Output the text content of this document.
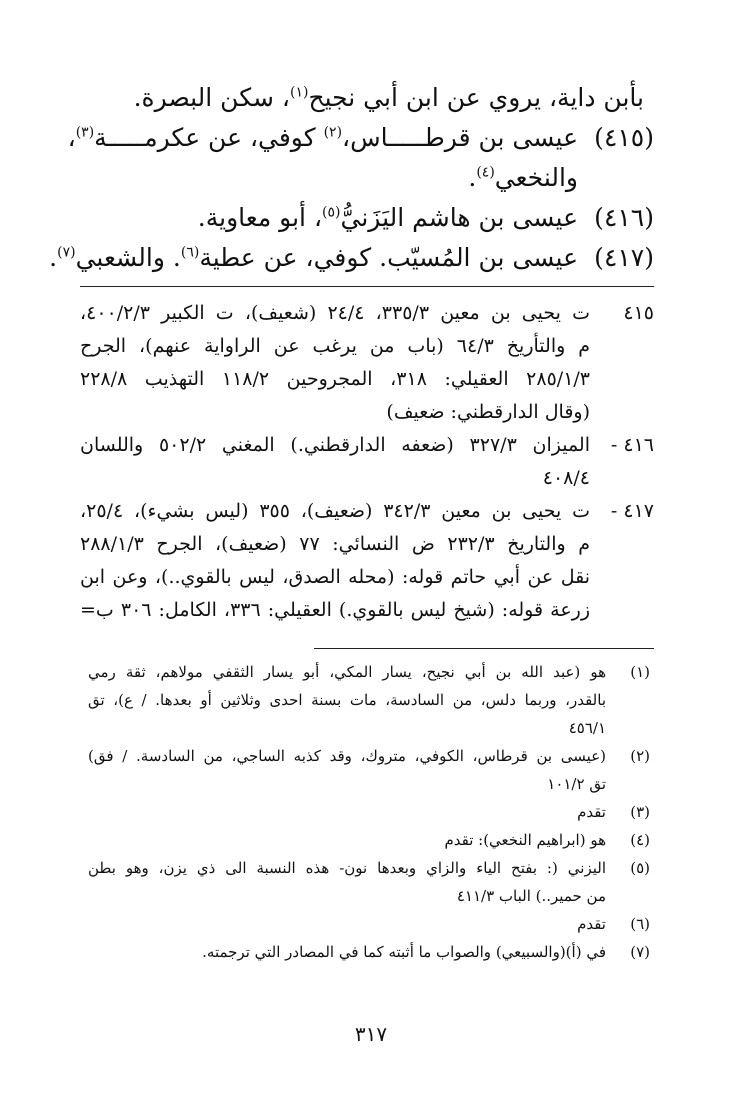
بأبن داية، يروي عن ابن أبي نجيح$^{(١)}$، سكن البصرة.
(٤١٥)عيسى بن قرطـــــاس،$^{(٢)}$ كوفي، عن عكرمـــــة$^{(٣)}$،
والنخعي$^{(٤)}$.
(٤١٦)عيسى بن هاشم اليَزَنيُّ$^{(٥)}$، أبو معاوية.
(٤١٧)عيسى بن المُسيّب. كوفي، عن عطية$^{(٦)}$. والشعبي$^{(٧)}$.
٤١٥
ت يحيى بن معين ٣٣٥/٣، ٢٤/٤ (شعيف)، ت الكبير ٤٠٠/٢/٣،
م والتأريخ ٦٤/٣ (باب من يرغب عن الراواية عنهم)، الجرح
٢٨٥/١/٣ العقيلي: ٣١٨، المجروحين ١١٨/٢ التهذيب ٢٢٨/٨
(وقال الدارقطني: ضعيف)
٤١٦ -
الميزان ٣٢٧/٣ (ضعفه الدارقطني.) المغني ٥٠٢/٢ واللسان
٤٠٨/٤
٤١٧ -
ت يحيى بن معين ٣٤٢/٣ (ضعيف)، ٣٥٥ (ليس بشيء)، ٢٥/٤،
م والتاريخ ٢٣٢/٣ ض النسائي: ٧٧ (ضعيف)، الجرح ٢٨٨/١/٣
نقل عن أبي حاتم قوله: (محله الصدق، ليس بالقوي..)، وعن ابن
زرعة قوله: (شيخ ليس بالقوي.) العقيلي: ٣٣٦، الكامل: ٣٠٦ ب=
(١)
هو (عبد الله بن أبي نجيح، يسار المكي، أبو يسار الثقفي مولاهم، ثقة رمي
بالقدر، وربما دلس، من السادسة، مات بسنة احدى وثلاثين أو بعدها. / ع)، تق
٤٥٦/١
(٢)
(عيسى بن قرطاس، الكوفي، متروك، وقد كذبه الساجي، من السادسة. / فق)
تق ١٠١/٢
(٣)
تقدم
(٤)
هو (ابراهيم النخعي): تقدم
(٥)
اليزني (: بفتح الياء والزاي وبعدها نون- هذه النسبة الى ذي يزن، وهو بطن
من حمير..) الباب ٤١١/٣
(٦)
تقدم
(٧)
في (أ)(والسبيعي) والصواب ما أثبته كما في المصادر التي ترجمته.
٣١٧
